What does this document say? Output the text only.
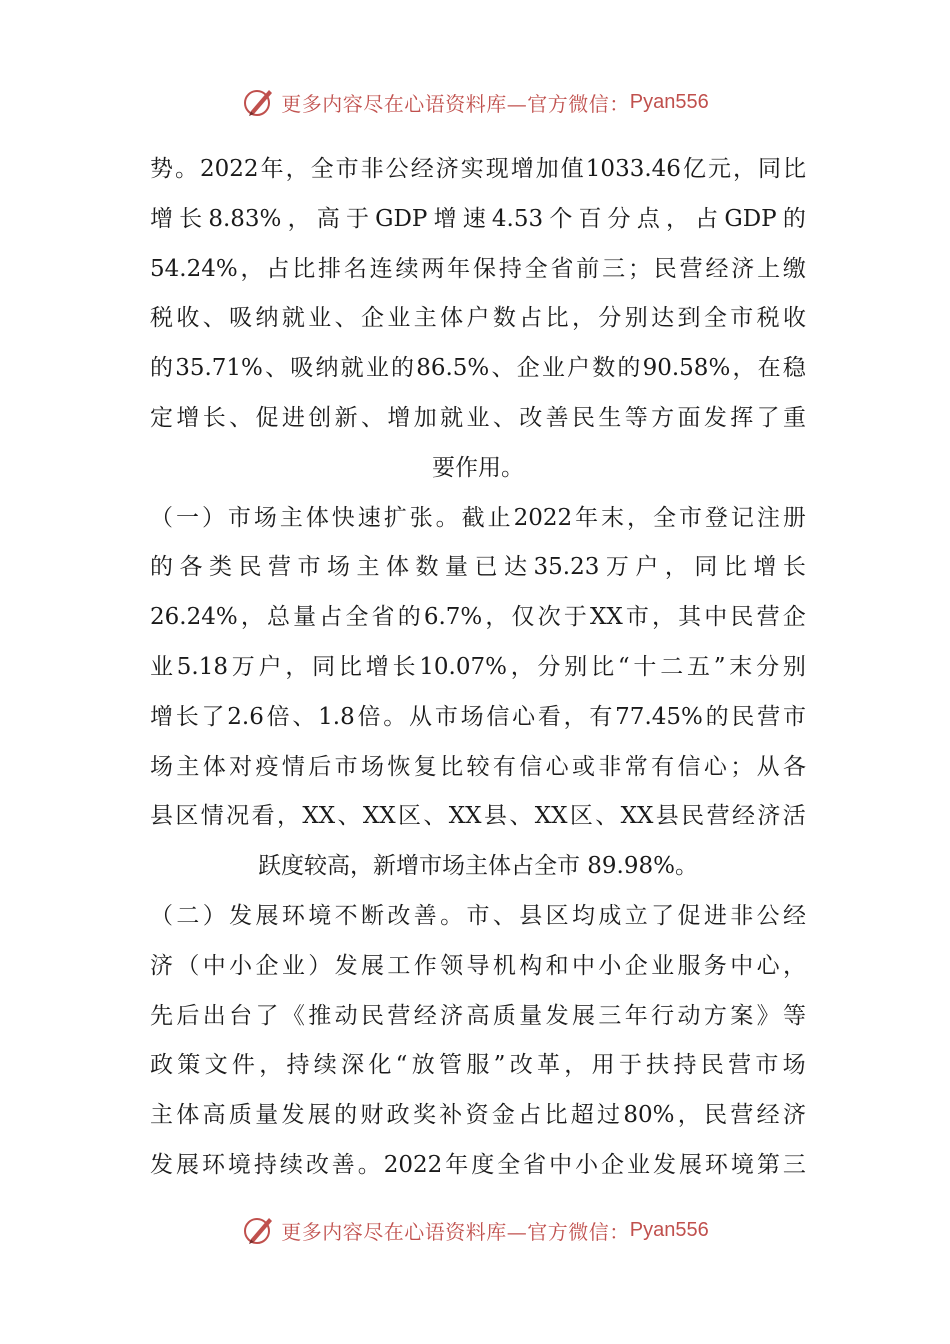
更多内容尽在心语资料库—官方微信： Pyan556
势 。 2022 年 ， 全 市 非 公 经 济 实 现 增 加 值 1033.46 亿 元 ， 同 比
增 长 8.83% ， 高 于 GDP 增 速 4.53 个 百 分 点 ， 占 GDP 的
54.24% ， 占 比 排 名 连 续 两 年 保 持 全 省 前 三 ； 民 营 经 济 上 缴
税 收 、 吸 纳 就 业 、 企 业 主 体 户 数 占 比 ， 分 别 达 到 全 市 税 收
的 35.71% 、 吸 纳 就 业 的 86.5% 、 企 业 户 数 的 90.58% ， 在 稳
定 增 长 、 促 进 创 新 、 增 加 就 业 、 改 善 民 生 等 方 面 发 挥 了 重
要作用。
（ 一 ） 市 场 主 体 快 速 扩 张 。 截 止 2022 年 末 ， 全 市 登 记 注 册
的 各 类 民 营 市 场 主 体 数 量 已 达 35.23 万 户 ， 同 比 增 长
26.24% ， 总 量 占 全 省 的 6.7% ， 仅 次 于 XX 市 ， 其 中 民 营 企
业 5.18 万 户 ， 同 比 增 长 10.07% ， 分 别 比 “ 十 二 五 ” 末 分 别
增 长 了 2.6 倍 、 1.8 倍 。 从 市 场 信 心 看 ， 有 77.45% 的 民 营 市
场 主 体 对 疫 情 后 市 场 恢 复 比 较 有 信 心 或 非 常 有 信 心 ； 从 各
县 区 情 况 看 ， XX 、 XX 区 、 XX 县 、 XX 区 、 XX 县 民 营 经 济 活
跃度较高，新增市场主体占全市 89.98%。
（ 二 ） 发 展 环 境 不 断 改 善 。 市 、 县 区 均 成 立 了 促 进 非 公 经
济 （ 中 小 企 业 ） 发 展 工 作 领 导 机 构 和 中 小 企 业 服 务 中 心 ，
先 后 出 台 了 《 推 动 民 营 经 济 高 质 量 发 展 三 年 行 动 方 案 》 等
政 策 文 件 ， 持 续 深 化 “ 放 管 服 ” 改 革 ， 用 于 扶 持 民 营 市 场
主 体 高 质 量 发 展 的 财 政 奖 补 资 金 占 比 超 过 80% ， 民 营 经 济
发 展 环 境 持 续 改 善 。 2022 年 度 全 省 中 小 企 业 发 展 环 境 第 三
更多内容尽在心语资料库—官方微信： Pyan556
